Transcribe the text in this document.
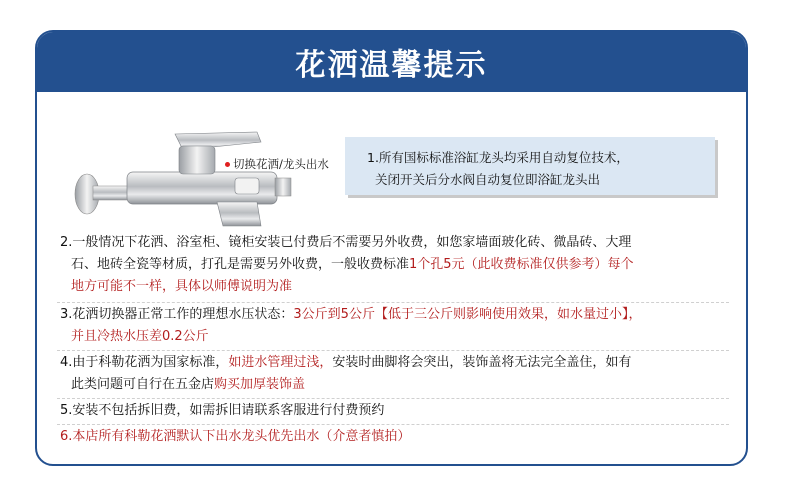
花洒温馨提示
切换花洒/龙头出水	1.所有国标标准浴缸龙头均采用自动复位技术，

关闭开关后分水阀自动复位即浴缸龙头出

2.一般情况下花洒、浴室柜、镜柜安装已付费后不需要另外收费，如您家墙面玻化砖、微晶砖、大理
石、地砖全瓷等材质，打孔是需要另外收费，一般收费标准1个孔5元（此收费标准仅供参考）每个
地方可能不一样，具体以师傅说明为准
3.花洒切换器正常工作的理想水压状态：3公斤到5公斤【低于三公斤则影响使用效果，如水量过小】，
并且冷热水压差0.2公斤
4.由于科勒花洒为国家标准，如进水管理过浅，安装时曲脚将会突出，装饰盖将无法完全盖住，如有
此类问题可自行在五金店购买加厚装饰盖
5.安装不包括拆旧费，如需拆旧请联系客服进行付费预约
6.本店所有科勒花洒默认下出水龙头优先出水（介意者慎拍）
